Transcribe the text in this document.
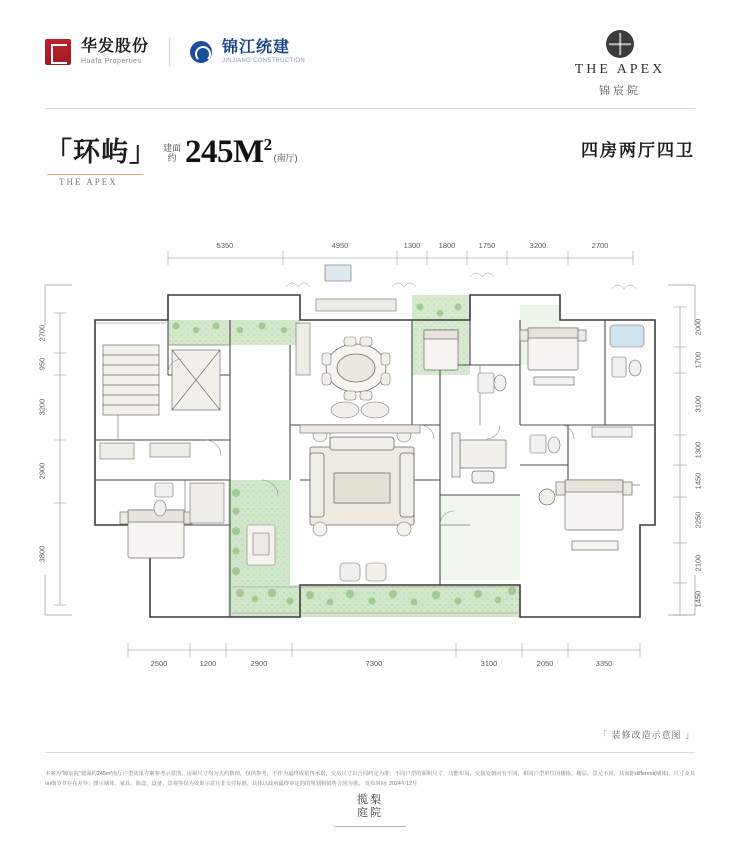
华发股份
Huafa Properties
锦江统建
JINJIANG CONSTRUCTION
THE APEX
锦宸院
「环屿」 建面约 $245M^2$
(南厅)
THE APEX
四房两厅四卫
5350	4950	1300 1800	1750	3200	2700
2500	1200	2900	7300	3100	2050	3350
2700
950
3200
2900
3800
2000
1700
3100
1300
1450
2250
2100
1450
「 装修改造示意图 」
本案为"锦宸院"建面约245m²南厅户型效果方案参考示意图，房屋尺寸均为大约数值，仅供参考，不作为最终成销售承诺，交房尺寸以合同约定为准；不同户型的面积尺寸、功能布局、交接处朝向有不同，相同户型单位因楼栋、楼层、景元不同，其间距different(墙体)、尺寸及其он细节节存在差异；图示墙体、家具、陈设、设备、景观等仅为效果示意且非交付标准，具体以政府最终审定的的规划和销售合同为准。 发布时间: 2024年12月
揽梨
庭院
